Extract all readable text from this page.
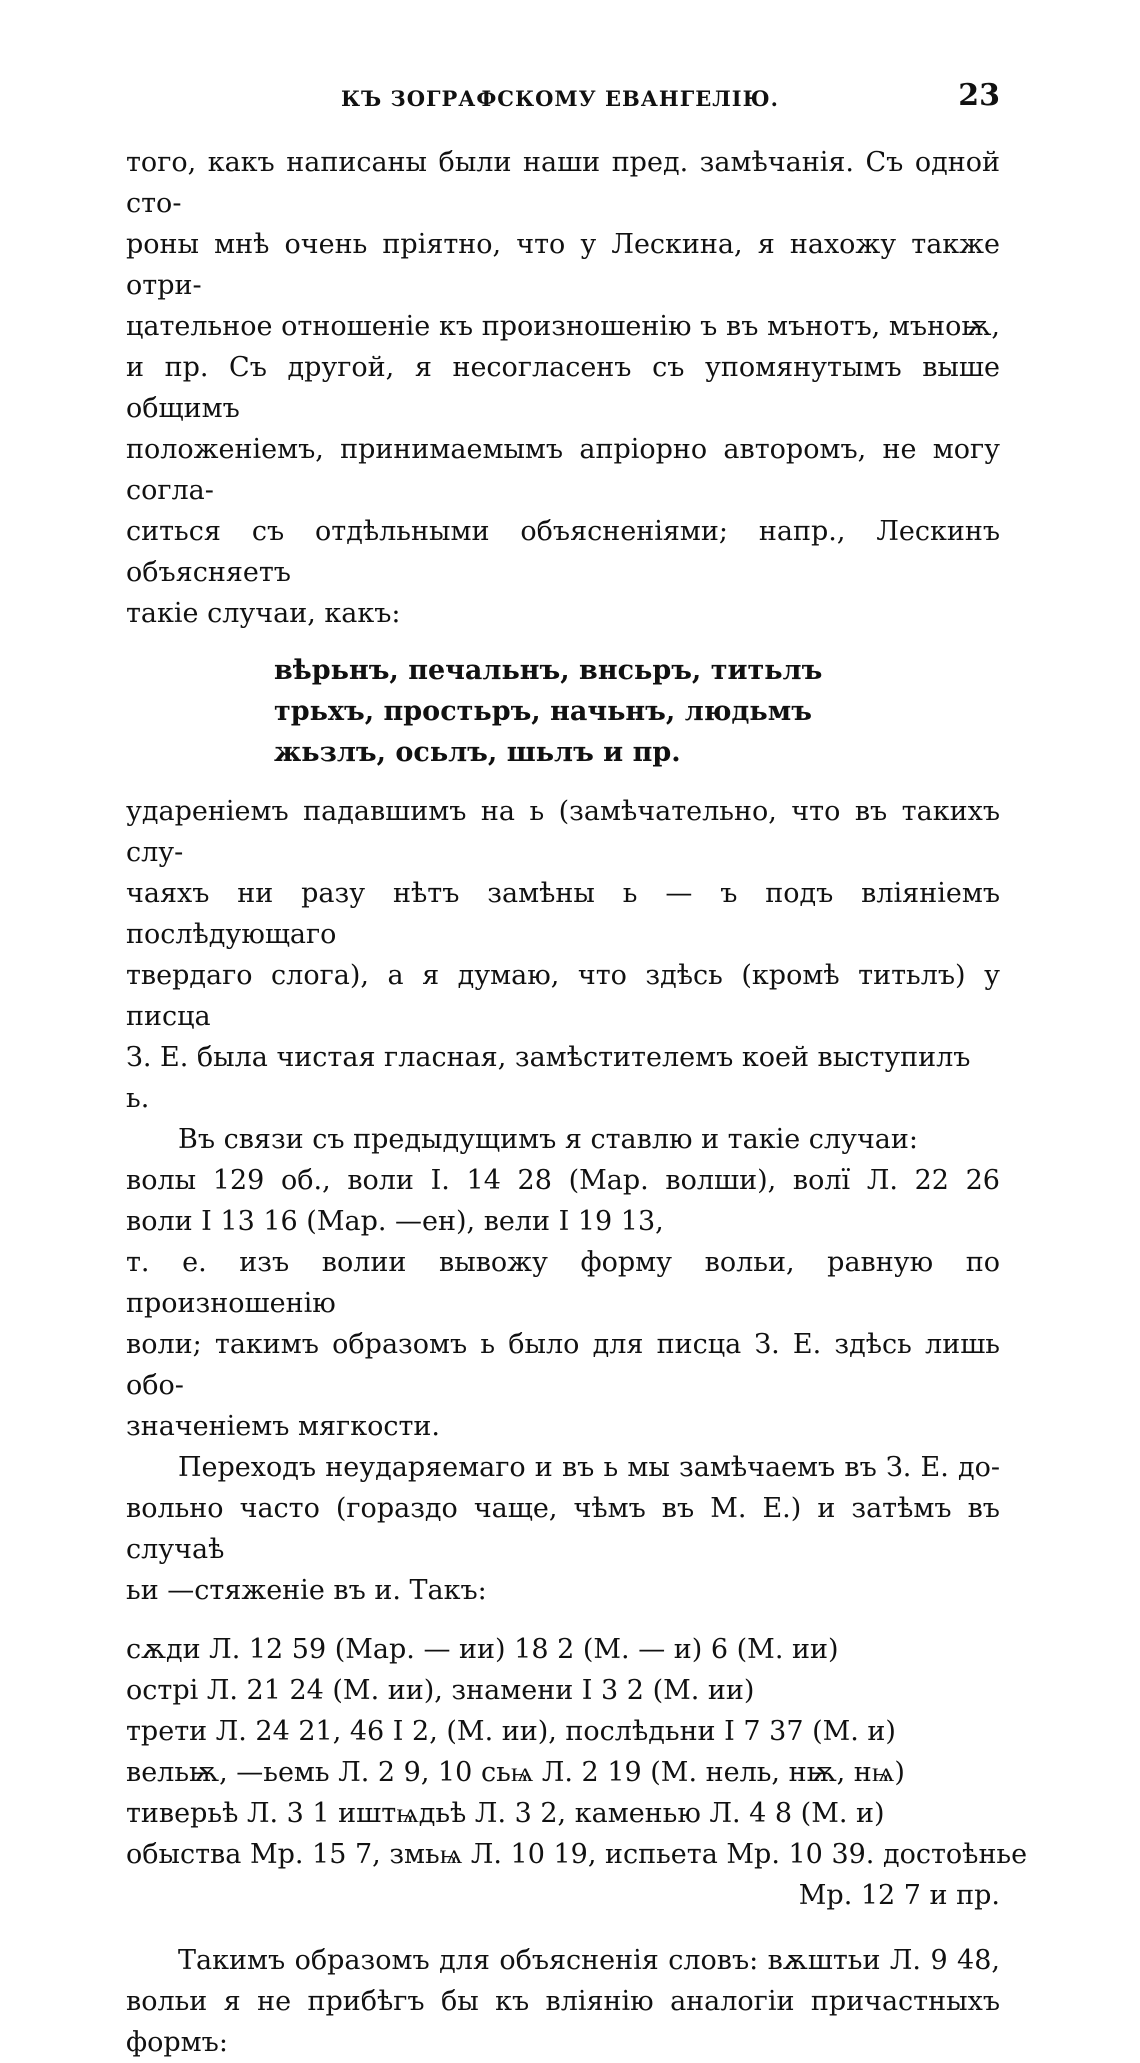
КЪ ЗОГРАФСКОМУ ЕВАНГЕЛІЮ.	23

того, какъ написаны были наши пред. замѣчанія. Съ одной сто-

роны мнѣ очень пріятно, что у Лескина, я нахожу также отри-

цательное отношеніе къ произношенію ъ въ мънотъ, мъноѭ,

и пр. Съ другой, я несогласенъ съ упомянутымъ выше общимъ

положеніемъ, принимаемымъ апріорно авторомъ, не могу согла-

ситься съ отдѣльными объясненіями; напр., Лескинъ объясняетъ

такіе случаи, какъ:

вѣрьнъ, печальнъ, внсьръ, титьлъ
трьхъ, простьръ, начьнъ, людьмъ
жьзлъ, осьлъ, шьлъ и пр.

удареніемъ падавшимъ на ь (замѣчательно, что въ такихъ слу-

чаяхъ ни разу нѣтъ замѣны ь — ъ подъ вліяніемъ послѣдующаго

твердаго слога), а я думаю, что здѣсь (кромѣ титьлъ) у писца

З. Е. была чистая гласная, замѣстителемъ коей выступилъ ь.

Въ связи съ предыдущимъ я ставлю и такіе случаи:

волы 129 об., воли І. 14 28 (Мар. волши), волї Л. 22 26

воли І 13 16 (Мар. —ен), вели І 19 13,

т. е. изъ волии вывожу форму вольи, равную по произношенію

воли; такимъ образомъ ь было для писца З. Е. здѣсь лишь обо-

значеніемъ мягкости.

Переходъ неударяемаго и въ ь мы замѣчаемъ въ З. Е. до-

вольно часто (гораздо чаще, чѣмъ въ М. Е.) и затѣмъ въ случаѣ

ьи —стяженіе въ и. Такъ:

сѫди Л. 12 59 (Мар. — ии) 18 2 (М. — и) 6 (М. ии)
острі Л. 21 24 (М. ии), знамени І 3 2 (М. ии)
трети Л. 24 21, 46 І 2, (М. ии), послѣдьни І 7 37 (М. и)
вельѭ, —ьемь Л. 2 9, 10 сьѩ Л. 2 19 (М. нель, нѭ, нѩ)
тиверьѣ Л. 3 1 иштѩдьѣ Л. 3 2, каменью Л. 4 8 (М. и)
обыства Мр. 15 7, змьѩ Л. 10 19, испьета Мр. 10 39. достоѣнье
Мр. 12 7 и пр.

Такимъ образомъ для объясненія словъ: вѫштьи Л. 9 48,

вольи я не прибѣгъ бы къ вліянію аналогіи причастныхъ формъ:
